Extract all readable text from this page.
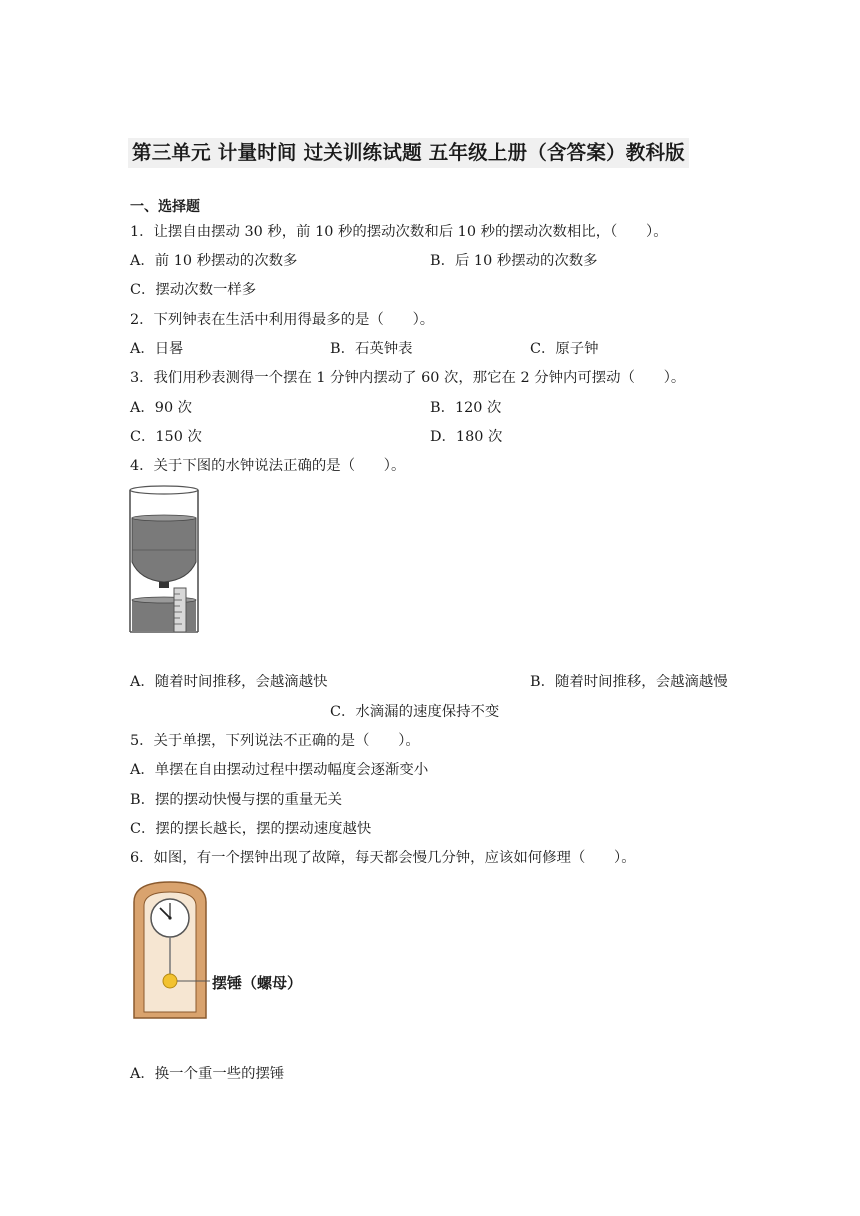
第三单元 计量时间 过关训练试题 五年级上册（含答案）教科版
一、选择题
1．让摆自由摆动 30 秒，前 10 秒的摆动次数和后 10 秒的摆动次数相比，（　　）。
A．前 10 秒摆动的次数多	B．后 10 秒摆动的次数多
C．摆动次数一样多
2．下列钟表在生活中利用得最多的是（　　）。
A．日晷	B．石英钟表	C．原子钟
3．我们用秒表测得一个摆在 1 分钟内摆动了 60 次，那它在 2 分钟内可摆动（　　）。
A．90 次	B．120 次
C．150 次	D．180 次
4．关于下图的水钟说法正确的是（　　）。
A．随着时间推移，会越滴越快	B．随着时间推移，会越滴越慢
C．水滴漏的速度保持不变
5．关于单摆，下列说法不正确的是（　　）。
A．单摆在自由摆动过程中摆动幅度会逐渐变小
B．摆的摆动快慢与摆的重量无关
C．摆的摆长越长，摆的摆动速度越快
6．如图，有一个摆钟出现了故障，每天都会慢几分钟，应该如何修理（　　）。
摆锤（螺母）
A．换一个重一些的摆锤
